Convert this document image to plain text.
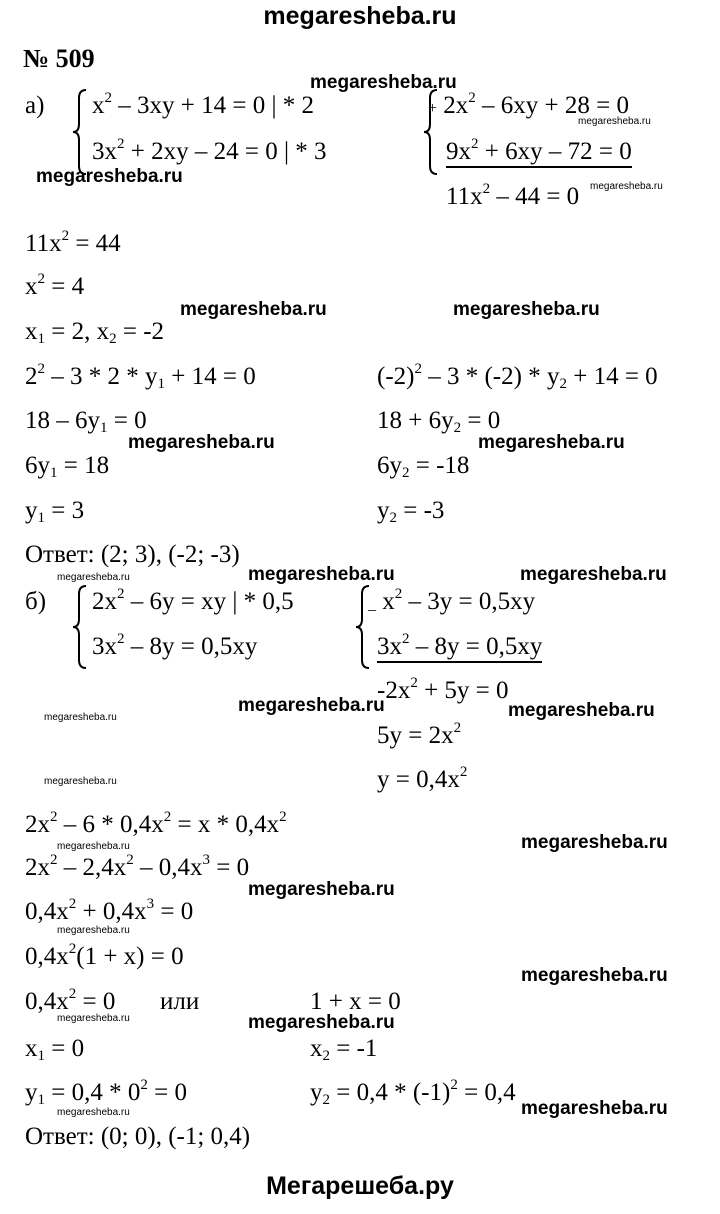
megaresheba.ru
№ 509
а) $x^2 - 3xy + 14 = 0$ | * 2
$3x^2 + 2xy - 24 = 0$ | * 3
+ $2x^2 - 6xy + 28 = 0$
$9x^2 + 6xy - 72 = 0$
$11x^2 - 44 = 0$
$11x^2 = 44$
$x^2 = 4$
$x_1 = 2$, $x_2 = -2$
$2^2 - 3 * 2 * y_1 + 14 = 0$
$18 - 6y_1 = 0$
$6y_1 = 18$
$y_1 = 3$
$(-2)^2 - 3 * (-2) * y_2 + 14 = 0$
$18 + 6y_2 = 0$
$6y_2 = -18$
$y_2 = -3$
Ответ: (2; 3), (-2; -3)
б) $2x^2 - 6y$ = xy | * 0,5
$3x^2 - 8y = 0,5xy$
_ $x^2 - 3y = 0,5xy$
$3x^2 - 8y = 0,5xy$
$-2x^2 + 5y = 0$
$5y = 2x^2$
$y = 0,4x^2$
$2x^2 - 6 * 0,4x^2 = x * 0,4x^2$
$2x^2 - 2,4x^2 - 0,4x^3 = 0$
$0,4x^2 + 0,4x^3 = 0$
$0,4x^2(1 + x) = 0$
$0,4x^2 = 0$ или	1 + x = 0
$x_1 = 0$	$x_2 = -1$
$y_1 = 0,4 * 0^2 = 0$	$y_2 = 0,4 * (-1)^2 = 0,4$
Ответ: (0; 0), (-1; 0,4)
megaresheba.ru
megaresheba.ru
megaresheba.ru	megaresheba.ru
megaresheba.ru	megaresheba.ru
megaresheba.ru	megaresheba.ru
megaresheba.ru	megaresheba.ru
megaresheba.ru
megaresheba.ru
megaresheba.ru
megaresheba.ru
megaresheba.ru
megaresheba.ru
megaresheba.ru
megaresheba.ru
megaresheba.ru
megaresheba.ru
megaresheba.ru
megaresheba.ru
megaresheba.ru
megaresheba.ru
Мегарешеба.ру
